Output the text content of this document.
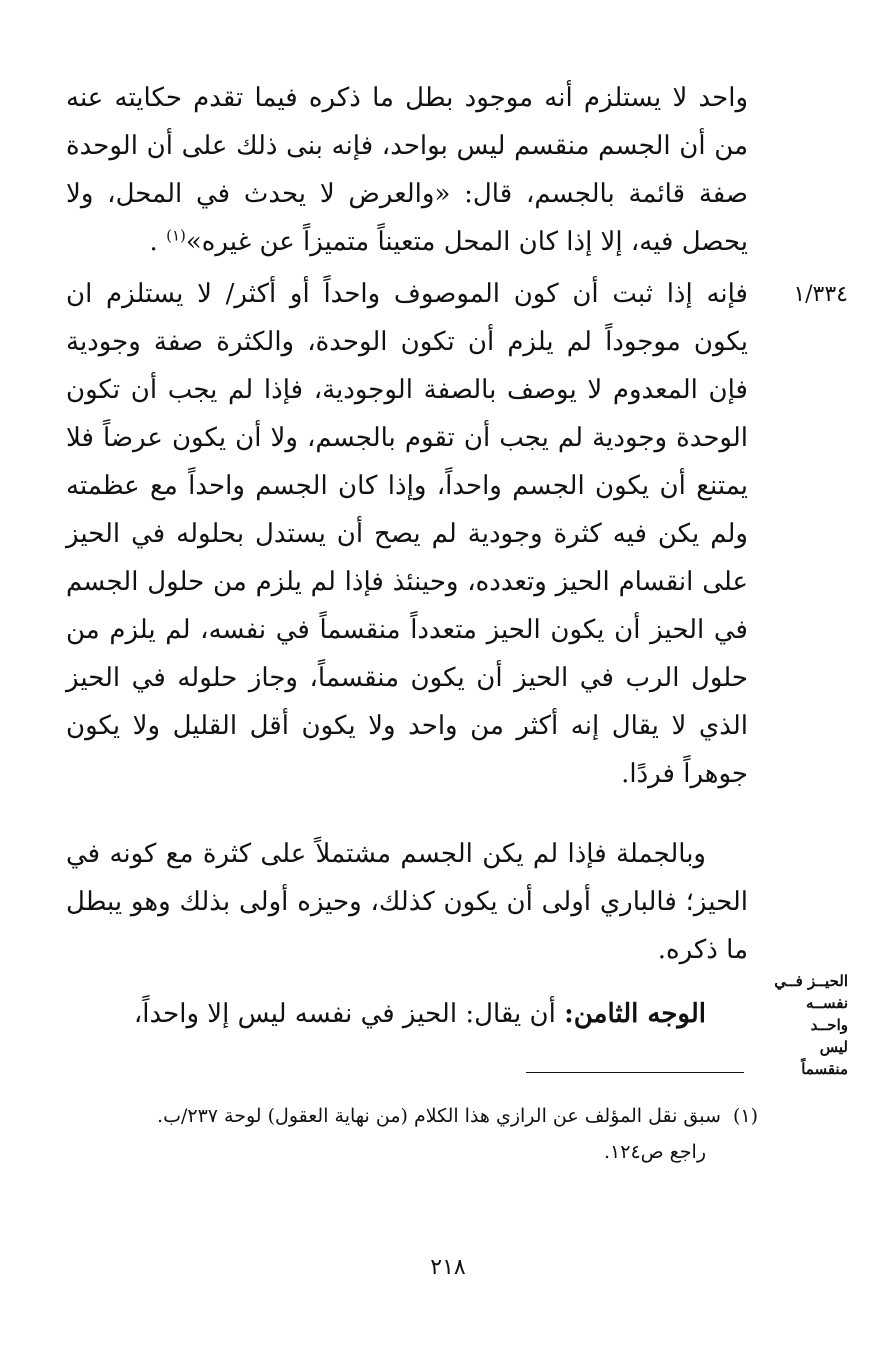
١/٣٣٤
الحيــز فــي
نفســه واحــد
ليس منقسماً

واحد لا يستلزم أنه موجود بطل ما ذكره فيما تقدم حكايته عنه من أن الجسم منقسم ليس بواحد، فإنه بنى ذلك على أن الوحدة صفة قائمة بالجسم، قال: «والعرض لا يحدث في المحل، ولا يحصل فيه، إلا إذا كان المحل متعيناً متميزاً عن غيره»$^{(١)}$ .

فإنه إذا ثبت أن كون الموصوف واحداً أو أكثر/ لا يستلزم ان يكون موجوداً لم يلزم أن تكون الوحدة، والكثرة صفة وجودية فإن المعدوم لا يوصف بالصفة الوجودية، فإذا لم يجب أن تكون الوحدة وجودية لم يجب أن تقوم بالجسم، ولا أن يكون عرضاً فلا يمتنع أن يكون الجسم واحداً، وإذا كان الجسم واحداً مع عظمته ولم يكن فيه كثرة وجودية لم يصح أن يستدل بحلوله في الحيز على انقسام الحيز وتعدده، وحينئذ فإذا لم يلزم من حلول الجسم في الحيز أن يكون الحيز متعدداً منقسماً في نفسه، لم يلزم من حلول الرب في الحيز أن يكون منقسماً، وجاز حلوله في الحيز الذي لا يقال إنه أكثر من واحد ولا يكون أقل القليل ولا يكون جوهراً فردًا.

وبالجملة فإذا لم يكن الجسم مشتملاً على كثرة مع كونه في الحيز؛ فالباري أولى أن يكون كذلك، وحيزه أولى بذلك وهو يبطل ما ذكره.

الوجه الثامن: أن يقال: الحيز في نفسه ليس إلا واحداً،

(١)سبق نقل المؤلف عن الرازي هذا الكلام (من نهاية العقول) لوحة ٢٣٧/ب.
راجع ص١٢٤.
٢١٨
